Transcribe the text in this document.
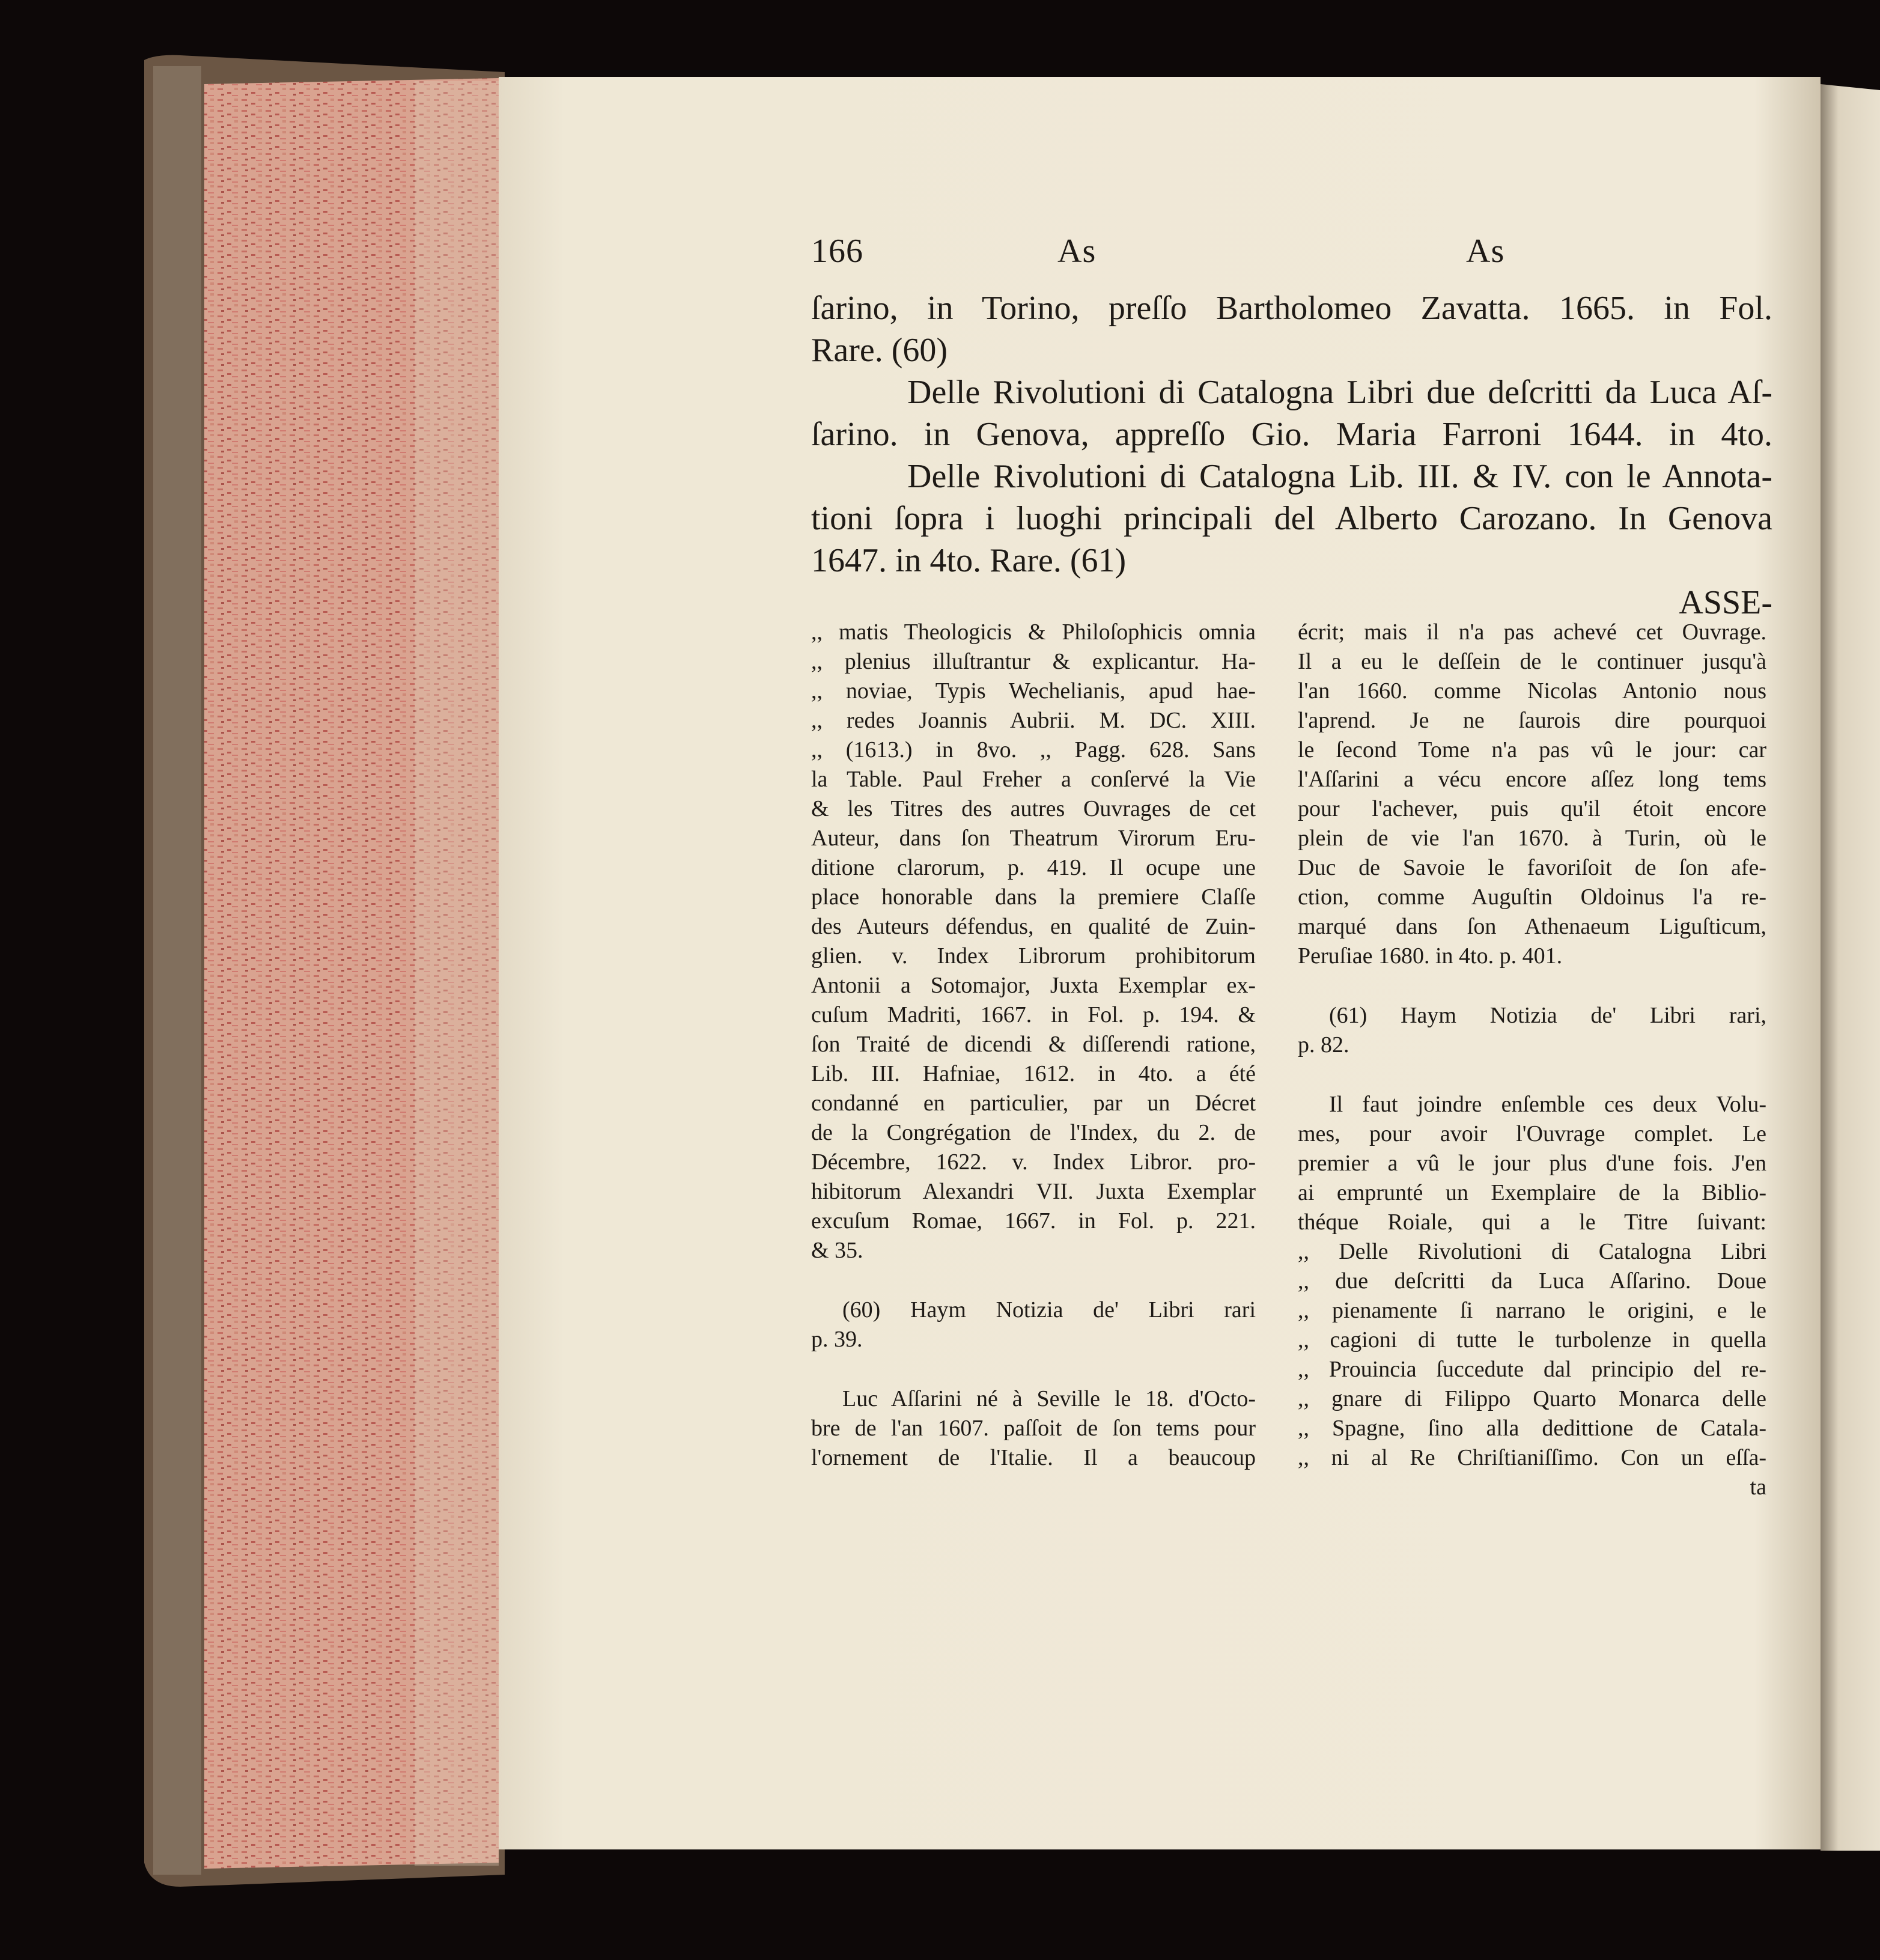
166	As	As
ſarino, in Torino, preſſo Bartholomeo Zavatta. 1665. in Fol.
Rare. (60)
Delle Rivolutioni di Catalogna Libri due deſcritti da Luca Aſ-
ſarino. in Genova, appreſſo Gio. Maria Farroni 1644. in 4to.
Delle Rivolutioni di Catalogna Lib. III. & IV. con le Annota-
tioni ſopra i luoghi principali del Alberto Carozano. In Genova
1647. in 4to. Rare. (61)
ASSE-
,, matis Theologicis & Philoſophicis omnia
,, plenius illuſtrantur & explicantur. Ha-
,, noviae, Typis Wechelianis, apud hae-
,, redes Joannis Aubrii. M. DC. XIII.
,, (1613.) in 8vo. ,, Pagg. 628. Sans
la Table. Paul Freher a conſervé la Vie
& les Titres des autres Ouvrages de cet
Auteur, dans ſon Theatrum Virorum Eru-
ditione clarorum, p. 419. Il ocupe une
place honorable dans la premiere Claſſe
des Auteurs défendus, en qualité de Zuin-
glien. v. Index Librorum prohibitorum
Antonii a Sotomajor, Juxta Exemplar ex-
cuſum Madriti, 1667. in Fol. p. 194. &
ſon Traité de dicendi & diſſerendi ratione,
Lib. III. Hafniae, 1612. in 4to. a été
condanné en particulier, par un Décret
de la Congrégation de l'Index, du 2. de
Décembre, 1622. v. Index Libror. pro-
hibitorum Alexandri VII. Juxta Exemplar
excuſum Romae, 1667. in Fol. p. 221.
& 35.
(60) Haym Notizia de' Libri rari
p. 39.
Luc Aſſarini né à Seville le 18. d'Octo-
bre de l'an 1607. paſſoit de ſon tems pour
l'ornement de l'Italie. Il a beaucoup
écrit; mais il n'a pas achevé cet Ouvrage.
Il a eu le deſſein de le continuer jusqu'à
l'an 1660. comme Nicolas Antonio nous
l'aprend. Je ne ſaurois dire pourquoi
le ſecond Tome n'a pas vû le jour: car
l'Aſſarini a vécu encore aſſez long tems
pour l'achever, puis qu'il étoit encore
plein de vie l'an 1670. à Turin, où le
Duc de Savoie le favoriſoit de ſon afe-
ction, comme Auguſtin Oldoinus l'a re-
marqué dans ſon Athenaeum Liguſticum,
Peruſiae 1680. in 4to. p. 401.
(61) Haym Notizia de' Libri rari,
p. 82.
Il faut joindre enſemble ces deux Volu-
mes, pour avoir l'Ouvrage complet. Le
premier a vû le jour plus d'une fois. J'en
ai emprunté un Exemplaire de la Biblio-
théque Roiale, qui a le Titre ſuivant:
,, Delle Rivolutioni di Catalogna Libri
,, due deſcritti da Luca Aſſarino. Doue
,, pienamente ſi narrano le origini, e le
,, cagioni di tutte le turbolenze in quella
,, Prouincia ſuccedute dal principio del re-
,, gnare di Filippo Quarto Monarca delle
,, Spagne, ſino alla dedittione de Catala-
,, ni al Re Chriſtianiſſimo. Con un eſſa-
ta
